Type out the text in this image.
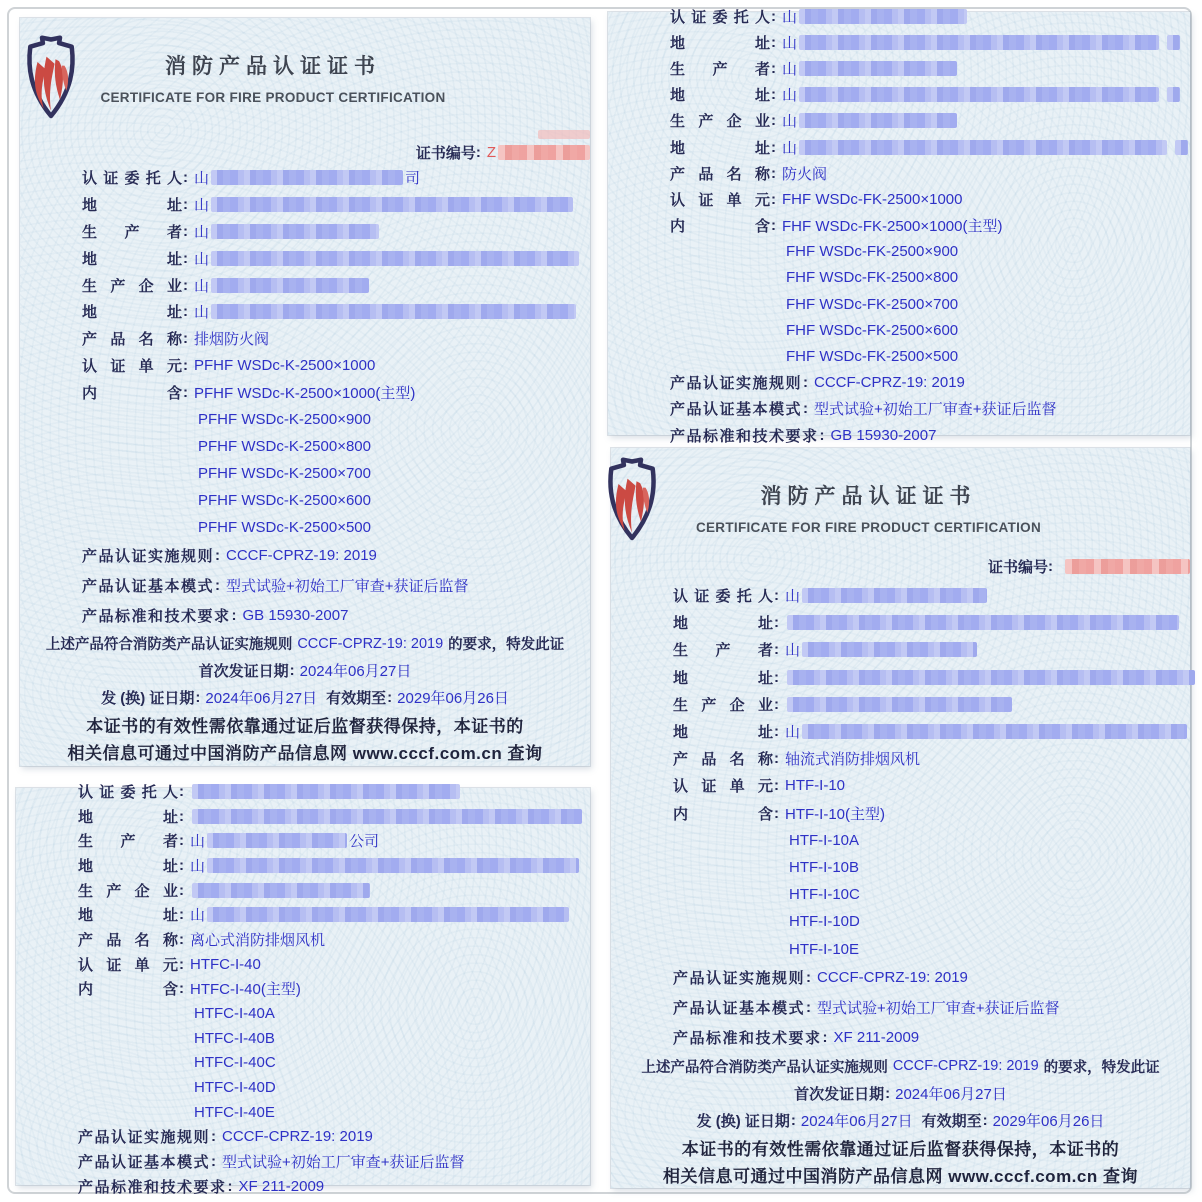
消防产品认证证书
CERTIFICATE FOR FIRE PRODUCT CERTIFICATION
证书编号 : Z
认证委托人 : 山	司
地址 : 山
生产者 : 山
地址 : 山
生产企业 : 山
地址 : 山
产品名称 : 排烟防火阀
认证单元 : PFHF WSDc-K-2500×1000
内含 : PFHF WSDc-K-2500×1000(主型)
PFHF WSDc-K-2500×900
PFHF WSDc-K-2500×800
PFHF WSDc-K-2500×700
PFHF WSDc-K-2500×600
PFHF WSDc-K-2500×500
产品认证实施规则 : CCCF-CPRZ-19: 2019
产品认证基本模式 : 型式试验+初始工厂审查+获证后监督
产品标准和技术要求 : GB 15930-2007
上述产品符合消防类产品认证实施规则 CCCF-CPRZ-19: 2019 的要求，特发此证
首次发证日期 : 2024年06月27日
发 (换) 证日期 : 2024年06月27日 有效期至 : 2029年06月26日
本证书的有效性需依靠通过证后监督获得保持，本证书的
相关信息可通过中国消防产品信息网 www.cccf.com.cn 查询
认证委托人 :
地址 :
生产者 : 山	公司
地址 : 山
生产企业 :
地址 : 山
产品名称 : 离心式消防排烟风机
认证单元 : HTFC-I-40
内含 : HTFC-I-40(主型)
HTFC-I-40A
HTFC-I-40B
HTFC-I-40C
HTFC-I-40D
HTFC-I-40E
产品认证实施规则 : CCCF-CPRZ-19: 2019
产品认证基本模式 : 型式试验+初始工厂审查+获证后监督
产品标准和技术要求 : XF 211-2009
认证委托人 : 山
地址 : 山
生产者 : 山
地址 : 山
生产企业 : 山
地址 : 山
产品名称 : 防火阀
认证单元 : FHF WSDc-FK-2500×1000
内含 : FHF WSDc-FK-2500×1000(主型)
FHF WSDc-FK-2500×900
FHF WSDc-FK-2500×800
FHF WSDc-FK-2500×700
FHF WSDc-FK-2500×600
FHF WSDc-FK-2500×500
产品认证实施规则 : CCCF-CPRZ-19: 2019
产品认证基本模式 : 型式试验+初始工厂审查+获证后监督
产品标准和技术要求 : GB 15930-2007
消防产品认证证书
CERTIFICATE FOR FIRE PRODUCT CERTIFICATION
证书编号 :
认证委托人 : 山
地址 :
生产者 : 山
地址 :
生产企业 :
地址 : 山
产品名称 : 轴流式消防排烟风机
认证单元 : HTF-I-10
内含 : HTF-I-10(主型)
HTF-I-10A
HTF-I-10B
HTF-I-10C
HTF-I-10D
HTF-I-10E
产品认证实施规则 : CCCF-CPRZ-19: 2019
产品认证基本模式 : 型式试验+初始工厂审查+获证后监督
产品标准和技术要求 : XF 211-2009
上述产品符合消防类产品认证实施规则 CCCF-CPRZ-19: 2019 的要求，特发此证
首次发证日期 : 2024年06月27日
发 (换) 证日期 : 2024年06月27日 有效期至 : 2029年06月26日
本证书的有效性需依靠通过证后监督获得保持，本证书的
相关信息可通过中国消防产品信息网 www.cccf.com.cn 查询
